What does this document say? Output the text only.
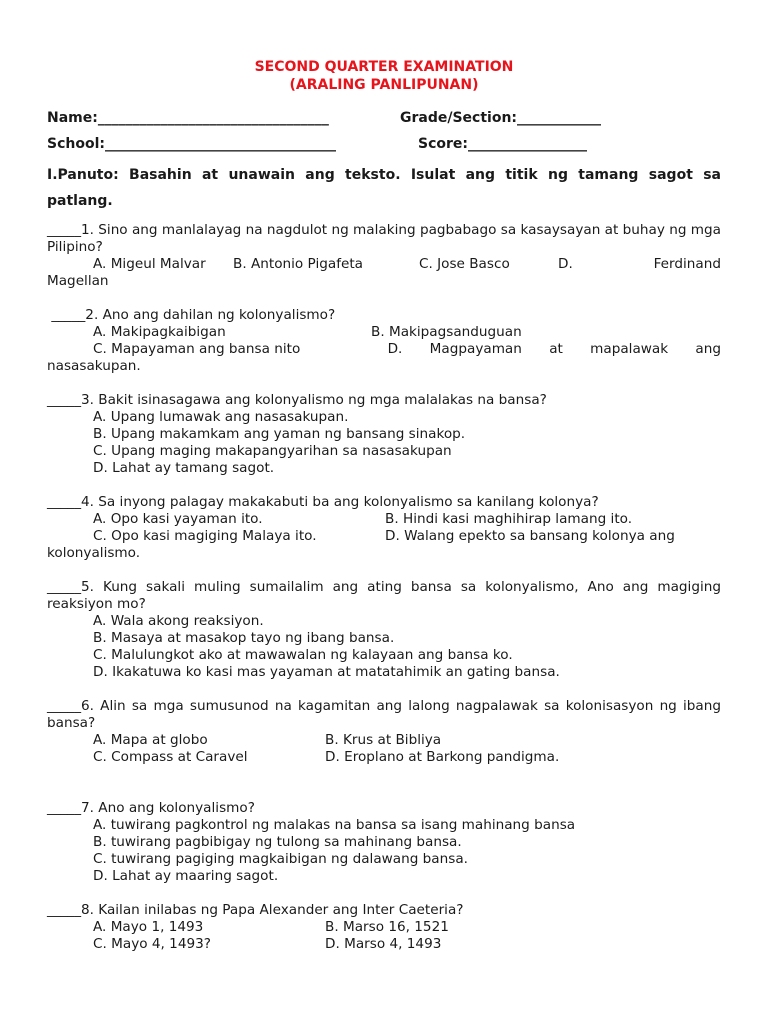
SECOND QUARTER EXAMINATION
(ARALING PANLIPUNAN)
Name:_________________________________	Grade/Section:____________
School:_________________________________	Score:_________________
I.Panuto: Basahin at unawain ang teksto. Isulat ang titik ng tamang sagot sa
patlang.
_____1. Sino ang manlalayag na nagdulot ng malaking pagbabago sa kasaysayan at buhay ng mga Pilipino?
A. Migeul Malvar B. Antonio Pigafeta	C. Jose Basco	D.	Ferdinand
Magellan
_____2. Ano ang dahilan ng kolonyalismo?
A. Makipagkaibigan	B. Makipagsanduguan
C. Mapayaman ang bansa nito	D. Magpayaman at mapalawak ang
nasasakupan.
_____3. Bakit isinasagawa ang kolonyalismo ng mga malalakas na bansa?
A. Upang lumawak ang nasasakupan.
B. Upang makamkam ang yaman ng bansang sinakop.
C. Upang maging makapangyarihan sa nasasakupan
D. Lahat ay tamang sagot.
_____4. Sa inyong palagay makakabuti ba ang kolonyalismo sa kanilang kolonya?
A. Opo kasi yayaman ito.	B. Hindi kasi maghihirap lamang ito.
C. Opo kasi magiging Malaya ito.	D. Walang epekto sa bansang kolonya ang
kolonyalismo.
_____5. Kung sakali muling sumailalim ang ating bansa sa kolonyalismo, Ano ang magiging reaksiyon mo?
A. Wala akong reaksiyon.
B. Masaya at masakop tayo ng ibang bansa.
C. Malulungkot ako at mawawalan ng kalayaan ang bansa ko.
D. Ikakatuwa ko kasi mas yayaman at matatahimik an gating bansa.
_____6. Alin sa mga sumusunod na kagamitan ang lalong nagpalawak sa kolonisasyon ng ibang bansa?
A. Mapa at globo	B. Krus at Bibliya
C. Compass at Caravel	D. Eroplano at Barkong pandigma.
_____7. Ano ang kolonyalismo?
A. tuwirang pagkontrol ng malakas na bansa sa isang mahinang bansa
B. tuwirang pagbibigay ng tulong sa mahinang bansa.
C. tuwirang pagiging magkaibigan ng dalawang bansa.
D. Lahat ay maaring sagot.
_____8. Kailan inilabas ng Papa Alexander ang Inter Caeteria?
A. Mayo 1, 1493	B. Marso 16, 1521
C. Mayo 4, 1493?	D. Marso 4, 1493
